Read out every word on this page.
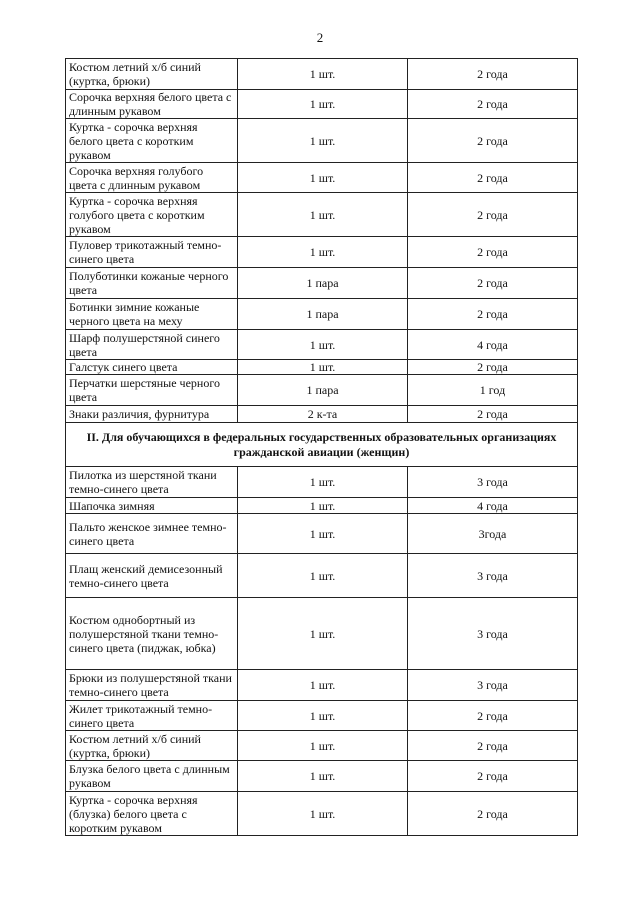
2
Костюм летний х/б синий (куртка, брюки)	1 шт.	2 года
Сорочка верхняя белого цвета с длинным рукавом	1 шт.	2 года
Куртка - сорочка верхняя белого цвета с коротким рукавом	1 шт.	2 года
Сорочка верхняя голубого цвета с длинным рукавом	1 шт.	2 года
Куртка - сорочка верхняя голубого цвета с коротким рукавом	1 шт.	2 года
Пуловер трикотажный темно-синего цвета	1 шт.	2 года
Полуботинки кожаные черного цвета	1 пара	2 года
Ботинки зимние кожаные черного цвета на меху	1 пара	2 года
Шарф полушерстяной синего цвета	1 шт.	4 года
Галстук синего цвета	1 шт.	2 года
Перчатки шерстяные черного цвета	1 пара	1 год
Знаки различия, фурнитура	2 к-та	2 года
II. Для обучающихся в федеральных государственных образовательных организациях гражданской авиации (женщин)		
Пилотка из шерстяной ткани темно-синего цвета	1 шт.	3 года
Шапочка зимняя	1 шт.	4 года
Пальто женское зимнее темно-синего цвета	1 шт.	3года
Плащ женский демисезонный темно-синего цвета	1 шт.	3 года
Костюм однобортный из полушерстяной ткани темно-синего цвета (пиджак, юбка)	1 шт.	3 года
Брюки из полушерстяной ткани темно-синего цвета	1 шт.	3 года
Жилет трикотажный темно-синего цвета	1 шт.	2 года
Костюм летний х/б синий (куртка, брюки)	1 шт.	2 года
Блузка белого цвета с длинным рукавом	1 шт.	2 года
Куртка - сорочка верхняя (блузка) белого цвета с коротким рукавом	1 шт.	2 года
